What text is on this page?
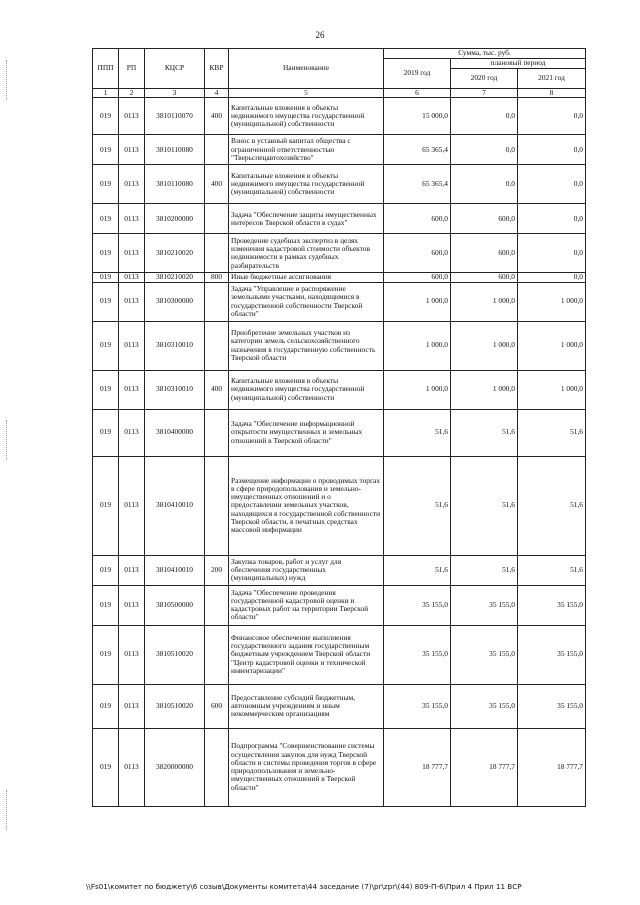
26
ППП	РП	КЦСР	КВР	Наименование	Сумма, тыс. руб.		
					2019 год	плановый период	
						2020 год	2021 год
1	2	3	4	5	6	7	8
019	0113	3810110070	400	Капитальные вложения в объекты недвижимого имущества государственной (муниципальной) собственности	15 000,0	0,0	0,0
019	0113	3810110080		Взнос в уставный капитал общества с ограниченной ответственностью "Тверьспецавтохозяйство"	65 365,4	0,0	0,0
019	0113	3810110080	400	Капитальные вложения в объекты недвижимого имущества государственной (муниципальной) собственности	65 365,4	0,0	0,0
019	0113	3810200000		Задача "Обеспечение защиты имущественных интересов Тверской области в судах"	600,0	600,0	0,0
019	0113	3810210020		Проведение судебных экспертиз в целях изменения кадастровой стоимости объектов недвижимости в рамках судебных разбирательств	600,0	600,0	0,0
019	0113	3810210020	800	Иные бюджетные ассигнования	600,0	600,0	0,0
019	0113	3810300000		Задача "Управление и распоряжение земельными участками, находящимися в государственной собственности Тверской области"	1 000,0	1 000,0	1 000,0
019	0113	3810310010		Приобретение земельных участков из категории земель сельскохозяйственного назначения в государственную собственность Тверской области	1 000,0	1 000,0	1 000,0
019	0113	3810310010	400	Капитальные вложения в объекты недвижимого имущества государственной (муниципальной) собственности	1 000,0	1 000,0	1 000,0
019	0113	3810400000		Задача "Обеспечение информационной открытости имущественных и земельных отношений в Тверской области"	51,6	51,6	51,6
019	0113	3810410010		Размещение информации о проводимых торгах в сфере природопользования и земельно-имущественных отношений и о предоставлении земельных участков, находящихся в государственной собственности Тверской области, в печатных средствах массовой информации	51,6	51,6	51,6
019	0113	3810410010	200	Закупка товаров, работ и услуг для обеспечения государственных (муниципальных) нужд	51,6	51,6	51,6
019	0113	3810500000		Задача "Обеспечение проведения государственной кадастровой оценки и кадастровых работ на территории Тверской области"	35 155,0	35 155,0	35 155,0
019	0113	3810510020		Финансовое обеспечение выполнения государственного задания государственным бюджетным учреждением Тверской области "Центр кадастровой оценки и технической инвентаризации"	35 155,0	35 155,0	35 155,0
019	0113	3810510020	600	Предоставление субсидий бюджетным, автономным учреждениям и иным некоммерческим организациям	35 155,0	35 155,0	35 155,0
019	0113	3820000000		Подпрограмма "Совершенствование системы осуществления закупок для нужд Тверской области и системы проведения торгов в сфере природопользования и земельно-имущественных отношений в Тверской области"	18 777,7	18 777,7	18 777,7
\\Fs01\комитет по бюджету\6 созыв\Документы комитета\44 заседание (7)\pr\zpr\(44) 809-П-6\Прил 4 Прил 11 ВСР
